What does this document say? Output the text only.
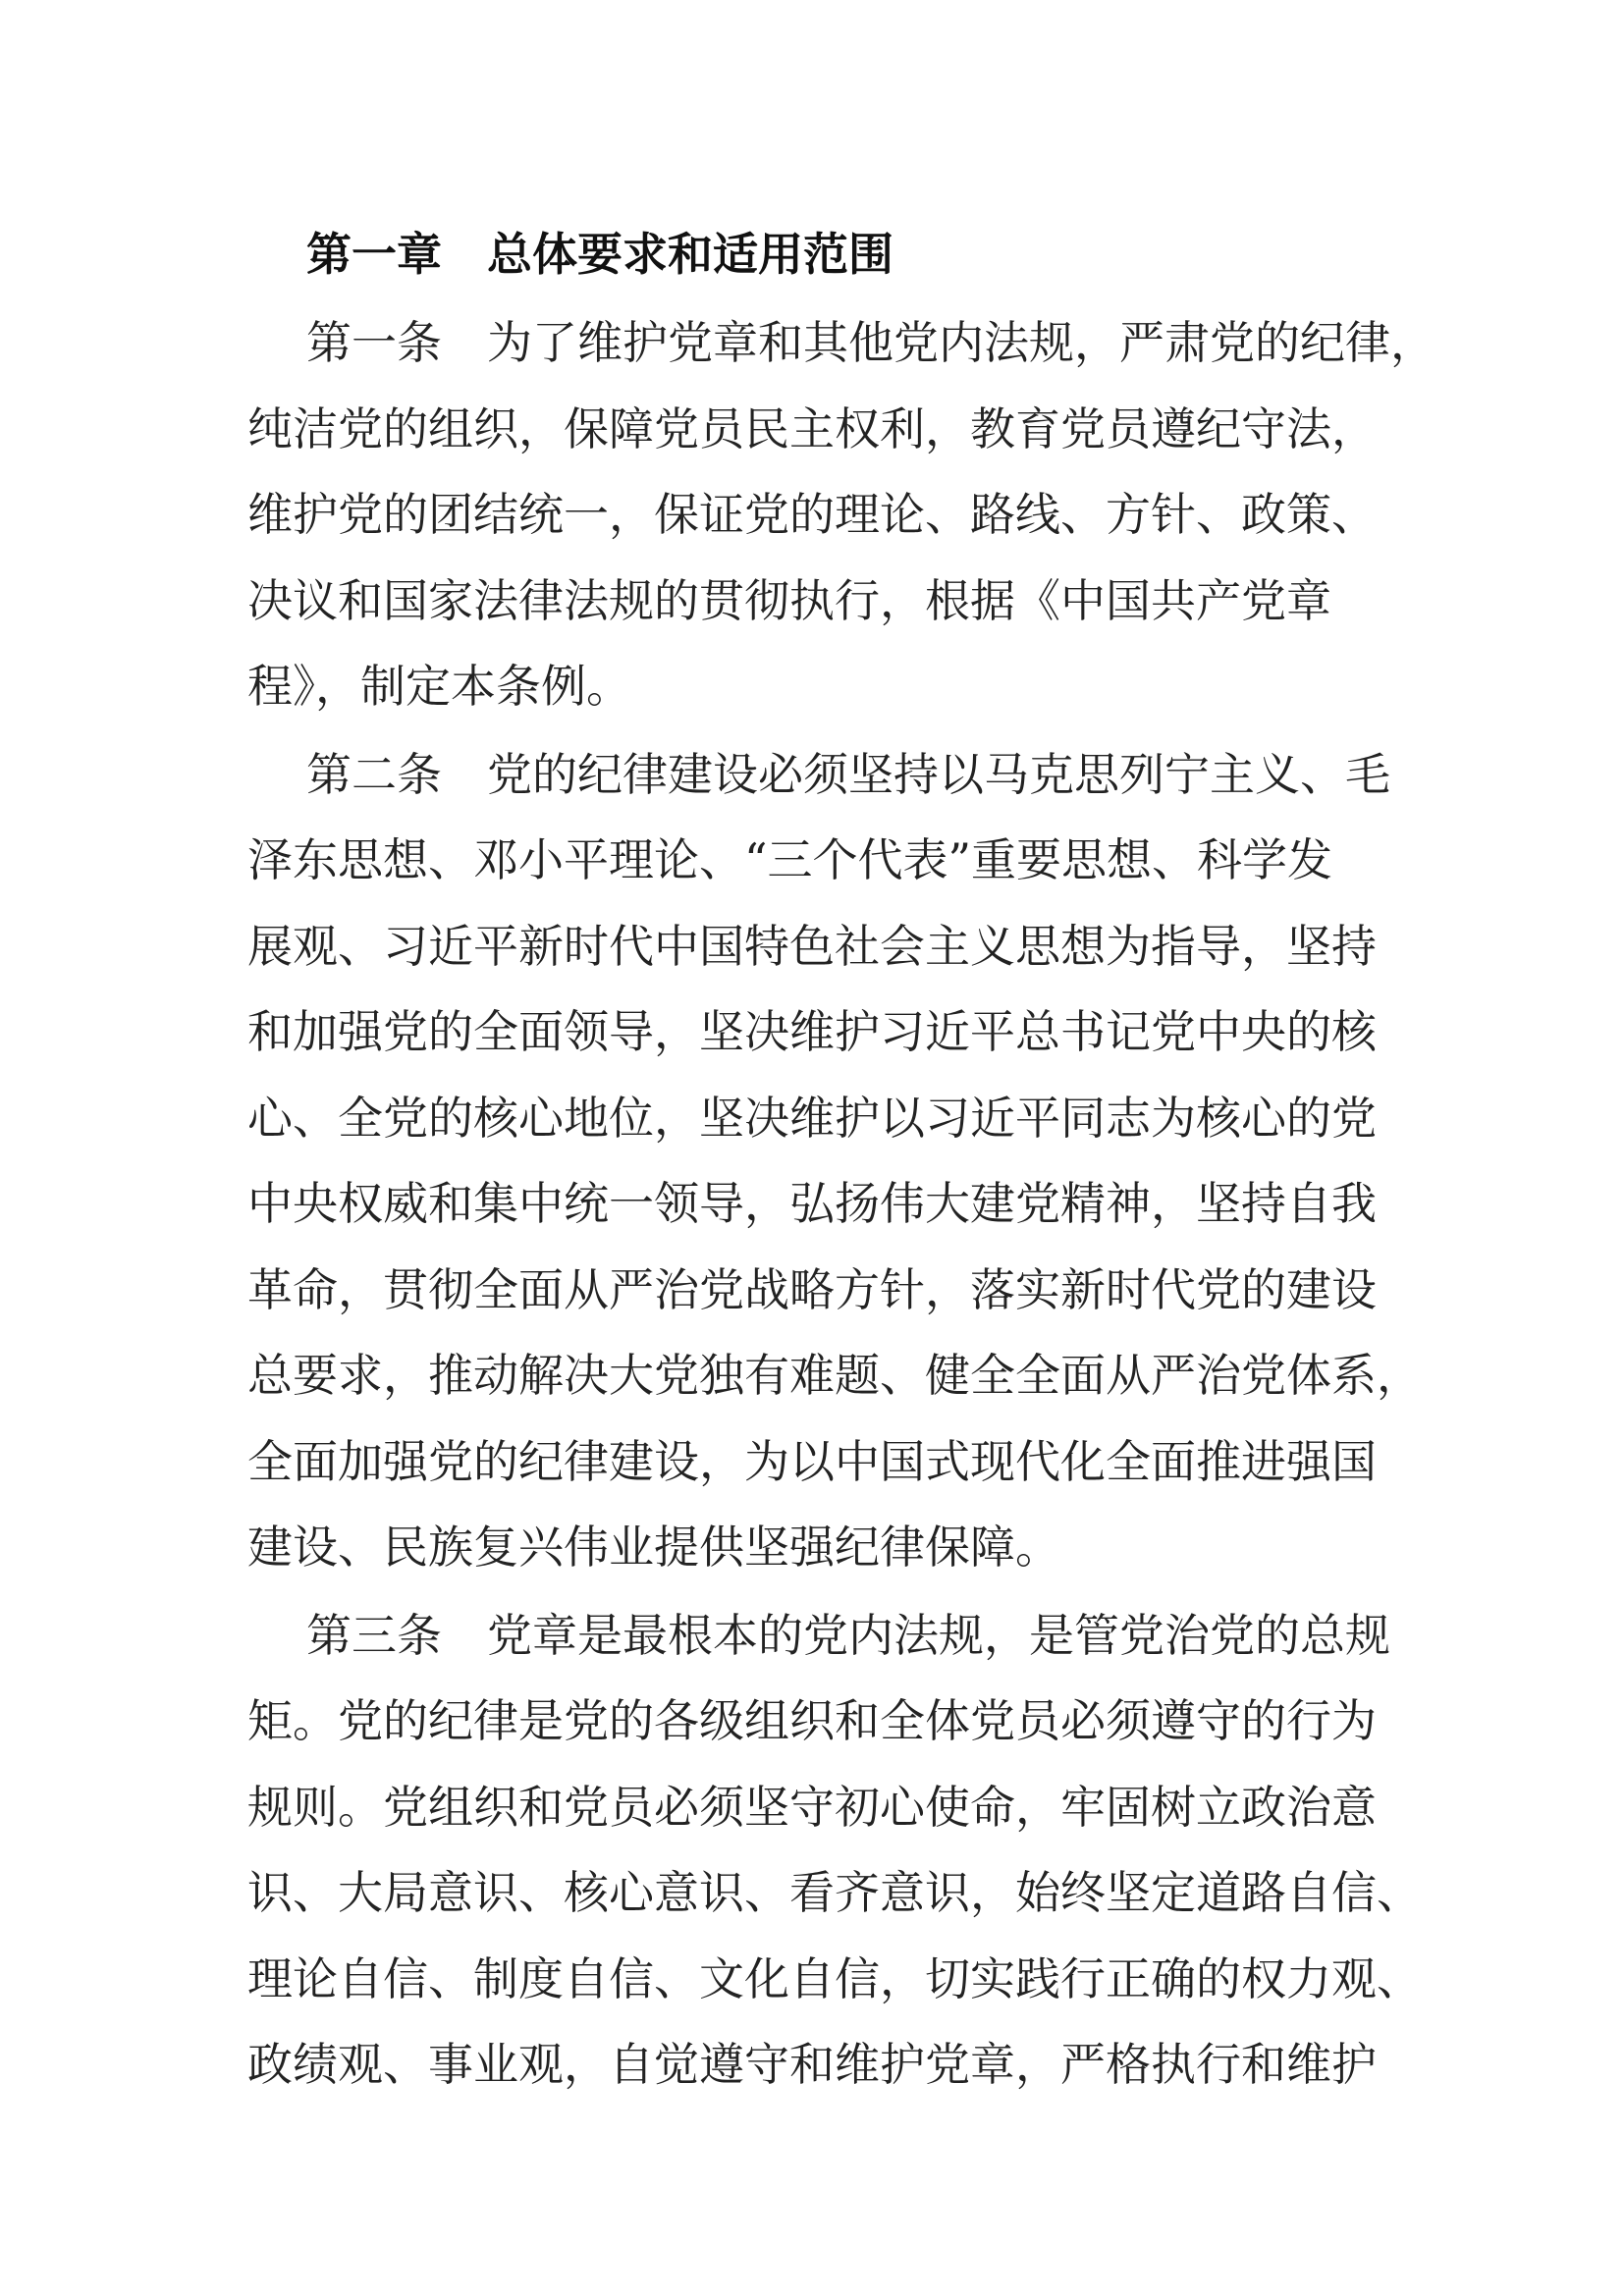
第一章　总体要求和适用范围
第一条　为了维护党章和其他党内法规，严肃党的纪律，
纯洁党的组织，保障党员民主权利，教育党员遵纪守法，
维护党的团结统一，保证党的理论、路线、方针、政策、
决议和国家法律法规的贯彻执行，根据《中国共产党章
程》，制定本条例。
第二条　党的纪律建设必须坚持以马克思列宁主义、毛
泽东思想、邓小平理论、“三个代表”重要思想、科学发
展观、习近平新时代中国特色社会主义思想为指导，坚持
和加强党的全面领导，坚决维护习近平总书记党中央的核
心、全党的核心地位，坚决维护以习近平同志为核心的党
中央权威和集中统一领导，弘扬伟大建党精神，坚持自我
革命，贯彻全面从严治党战略方针，落实新时代党的建设
总要求，推动解决大党独有难题、健全全面从严治党体系，
全面加强党的纪律建设，为以中国式现代化全面推进强国
建设、民族复兴伟业提供坚强纪律保障。
第三条　党章是最根本的党内法规，是管党治党的总规
矩。党的纪律是党的各级组织和全体党员必须遵守的行为
规则。党组织和党员必须坚守初心使命，牢固树立政治意
识、大局意识、核心意识、看齐意识，始终坚定道路自信、
理论自信、制度自信、文化自信，切实践行正确的权力观、
政绩观、事业观，自觉遵守和维护党章，严格执行和维护
